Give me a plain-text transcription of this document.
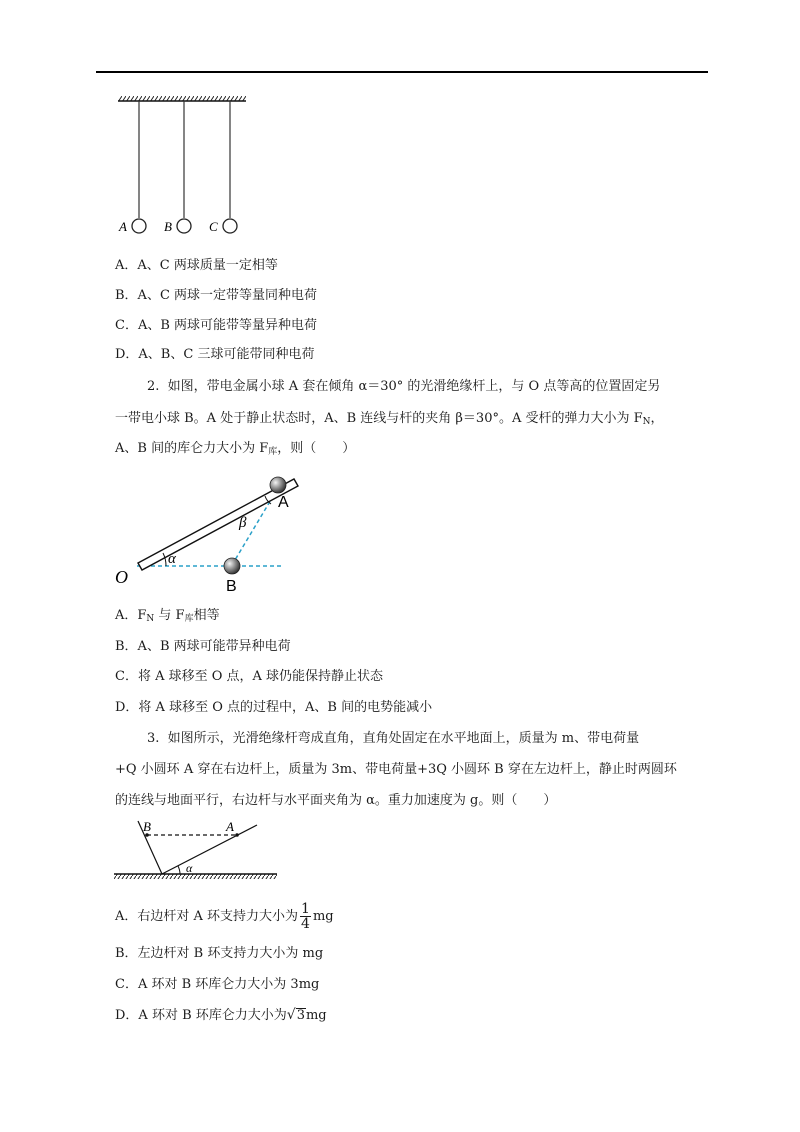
A	B	C
A．A、C 两球质量一定相等
B．A、C 两球一定带等量同种电荷
C．A、B 两球可能带等量异种电荷
D．A、B、C 三球可能带同种电荷
2. 如图，带电金属小球 A 套在倾角 α＝30° 的光滑绝缘杆上，与 O 点等高的位置固定另
一带电小球 B。A 处于静止状态时，A、B 连线与杆的夹角 β＝30°。A 受杆的弹力大小为 $F_N$，
A、B 间的库仑力大小为 $F_库$，则（　　）
O
A
B
α
β
A．$F_N$ 与 $F_库$相等
B．A、B 两球可能带异种电荷
C．将 A 球移至 O 点，A 球仍能保持静止状态
D．将 A 球移至 O 点的过程中，A、B 间的电势能减小
3. 如图所示，光滑绝缘杆弯成直角，直角处固定在水平地面上，质量为 m、带电荷量
+Q 小圆环 A 穿在右边杆上，质量为 3m、带电荷量+3Q 小圆环 B 穿在左边杆上，静止时两圆环
的连线与地面平行，右边杆与水平面夹角为 α。重力加速度为 g。则（　　）
B	A
α
A．右边杆对 A 环支持力大小为 $\frac{1}{4}$ mg
B．左边杆对 B 环支持力大小为 mg
C．A 环对 B 环库仑力大小为 3mg
D．A 环对 B 环库仑力大小为√3mg
